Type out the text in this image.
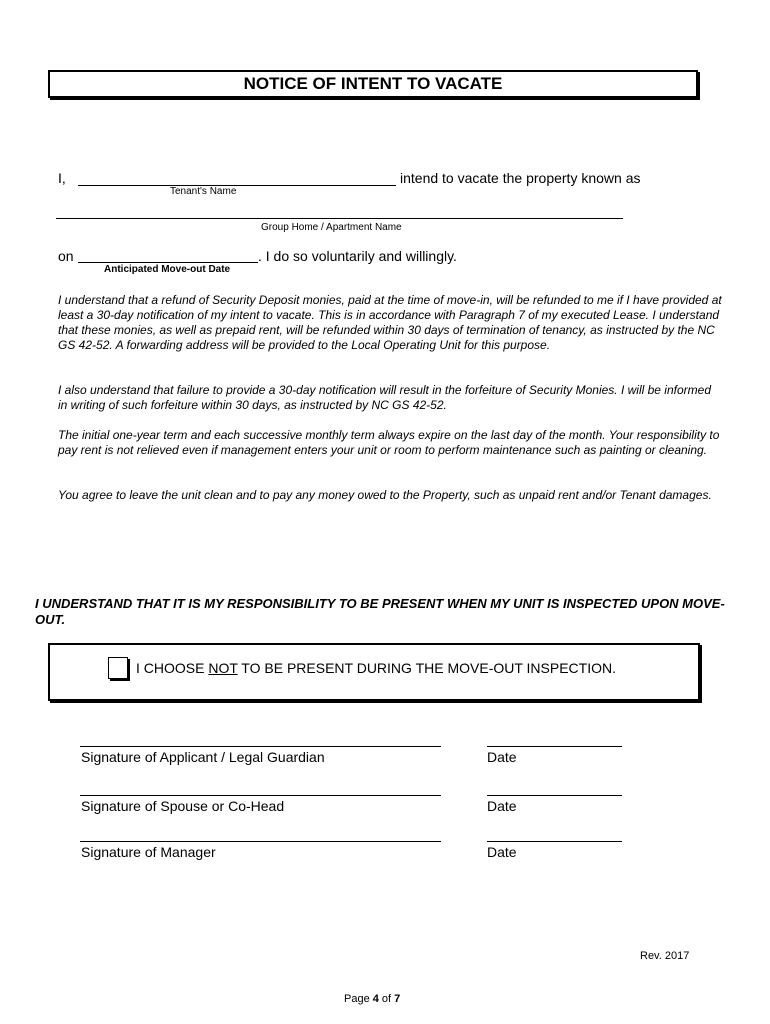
NOTICE OF INTENT TO VACATE
I,	intend to vacate the property known as
Tenant's Name
Group Home / Apartment Name
on	. I do so voluntarily and willingly.
Anticipated Move-out Date

I understand that a refund of Security Deposit monies, paid at the time of move-in, will be refunded to me if I have provided at least a 30-day notification of my intent to vacate. This is in accordance with Paragraph 7 of my executed Lease. I understand that these monies, as well as prepaid rent, will be refunded within 30 days of termination of tenancy, as instructed by the NC GS 42-52. A forwarding address will be provided to the Local Operating Unit for this purpose.

I also understand that failure to provide a 30-day notification will result in the forfeiture of Security Monies. I will be informed in writing of such forfeiture within 30 days, as instructed by NC GS 42-52.

The initial one-year term and each successive monthly term always expire on the last day of the month. Your responsibility to pay rent is not relieved even if management enters your unit or room to perform maintenance such as painting or cleaning.

You agree to leave the unit clean and to pay any money owed to the Property, such as unpaid rent and/or Tenant damages.

I UNDERSTAND THAT IT IS MY RESPONSIBILITY TO BE PRESENT WHEN MY UNIT IS INSPECTED UPON MOVE-OUT.
I CHOOSE NOT TO BE PRESENT DURING THE MOVE-OUT INSPECTION.
Signature of Applicant / Legal Guardian	Date
Signature of Spouse or Co-Head	Date
Signature of Manager	Date
Rev. 2017
Page 4 of 7
